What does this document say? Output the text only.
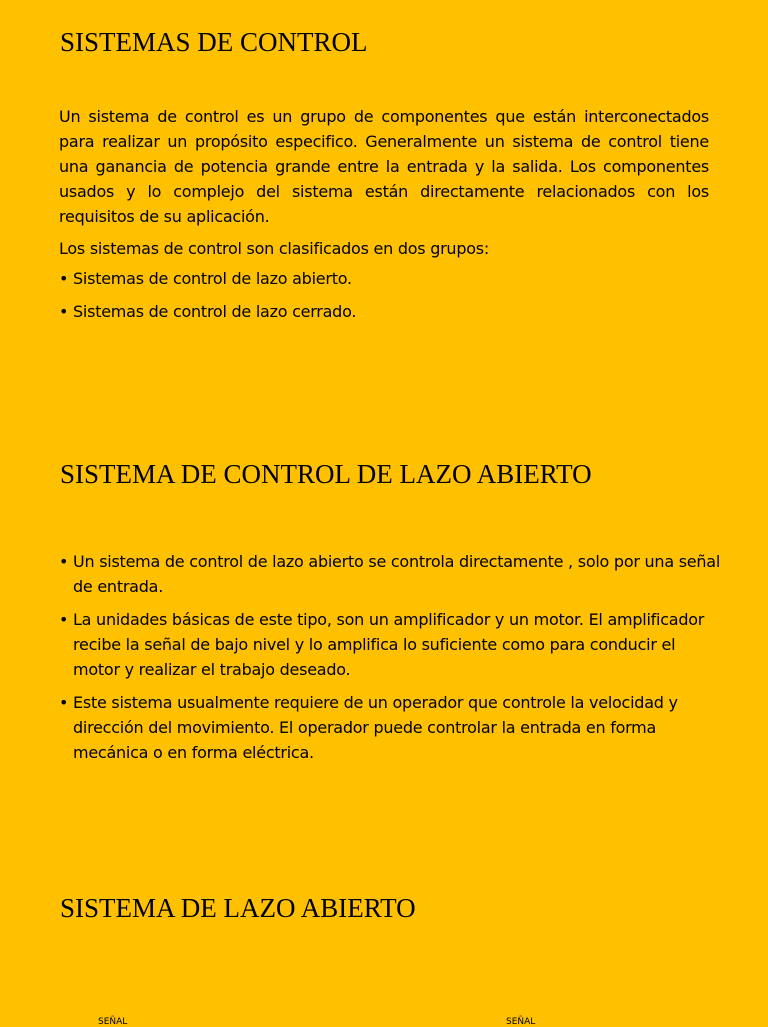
SISTEMAS DE CONTROL

Un sistema de control es un grupo de componentes que están interconectados para realizar un propósito especifico. Generalmente un sistema de control tiene una ganancia de potencia grande entre la entrada y la salida. Los componentes usados y lo complejo del sistema están directamente relacionados con los requisitos de su aplicación.

Los sistemas de control son clasificados en dos grupos:

• Sistemas de control de lazo abierto.
• Sistemas de control de lazo cerrado.
SISTEMA DE CONTROL DE LAZO ABIERTO
• Un sistema de control de lazo abierto se controla directamente , solo por una señal de entrada.
• La unidades básicas de este tipo, son un amplificador y un motor. El amplificador recibe la señal de bajo nivel y lo amplifica lo suficiente como para conducir el motor y realizar el trabajo deseado.
• Este sistema usualmente requiere de un operador que controle la velocidad y dirección del movimiento. El operador puede controlar la entrada en forma mecánica o en forma eléctrica.
SISTEMA DE LAZO ABIERTO
SEÑAL	SEÑAL
